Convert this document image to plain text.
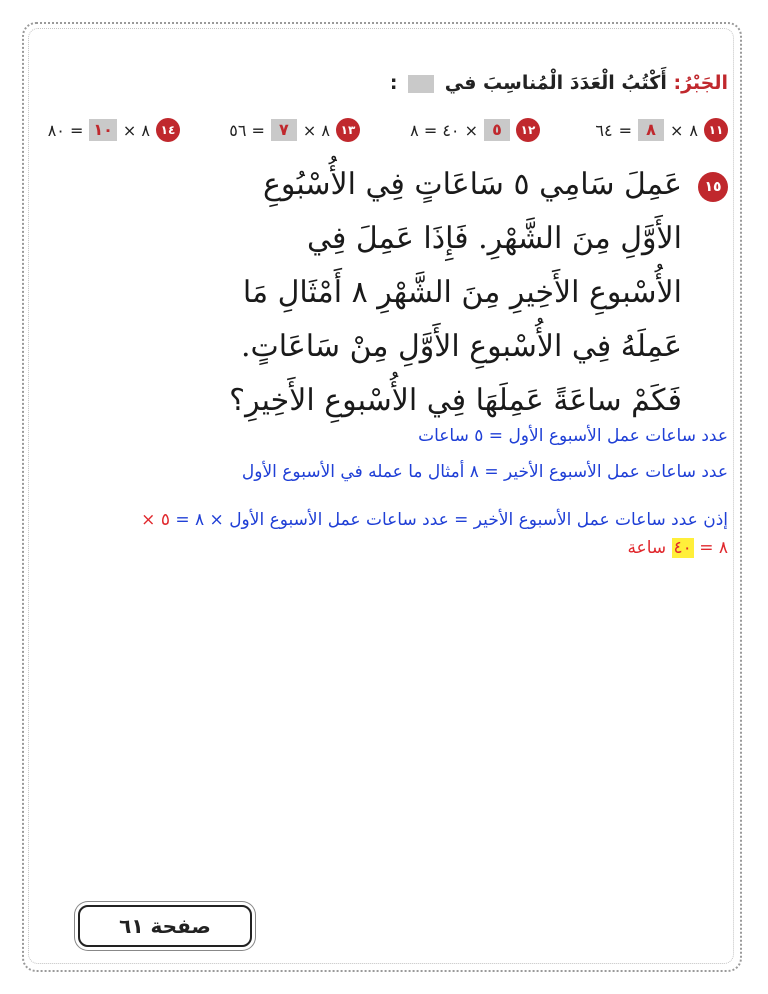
الجَبْرُ: أَكْتُبُ الْعَدَدَ الْمُناسِبَ في  :
٦٤ = ٨ × ٨ ١١
٤٠ = ٨ × ٥	١٢
٥٦ = ٧ × ٨ ١٣
٨٠ = ١٠ × ٨ ١٤
١٥
عَمِلَ سَامِي ٥ سَاعَاتٍ فِي الأُسْبُوعِ الأَوَّلِ مِنَ الشَّهْرِ. فَإِذَا عَمِلَ فِي الأُسْبوعِ الأَخِيرِ مِنَ الشَّهْرِ ٨ أَمْثَالِ مَا عَمِلَهُ فِي الأُسْبوعِ الأَوَّلِ مِنْ سَاعَاتٍ. فَكَمْ ساعَةً عَمِلَهَا فِي الأُسْبوعِ الأَخِيرِ؟
عدد ساعات عمل الأسبوع الأول = ٥ ساعات
عدد ساعات عمل الأسبوع الأخير = ٨ أمثال ما عمله في الأسبوع الأول
إذن عدد ساعات عمل الأسبوع الأخير = عدد ساعات عمل الأسبوع الأول × ٨ = ٥ ×
٨ = ٤٠ ساعة
صفحة ٦١
